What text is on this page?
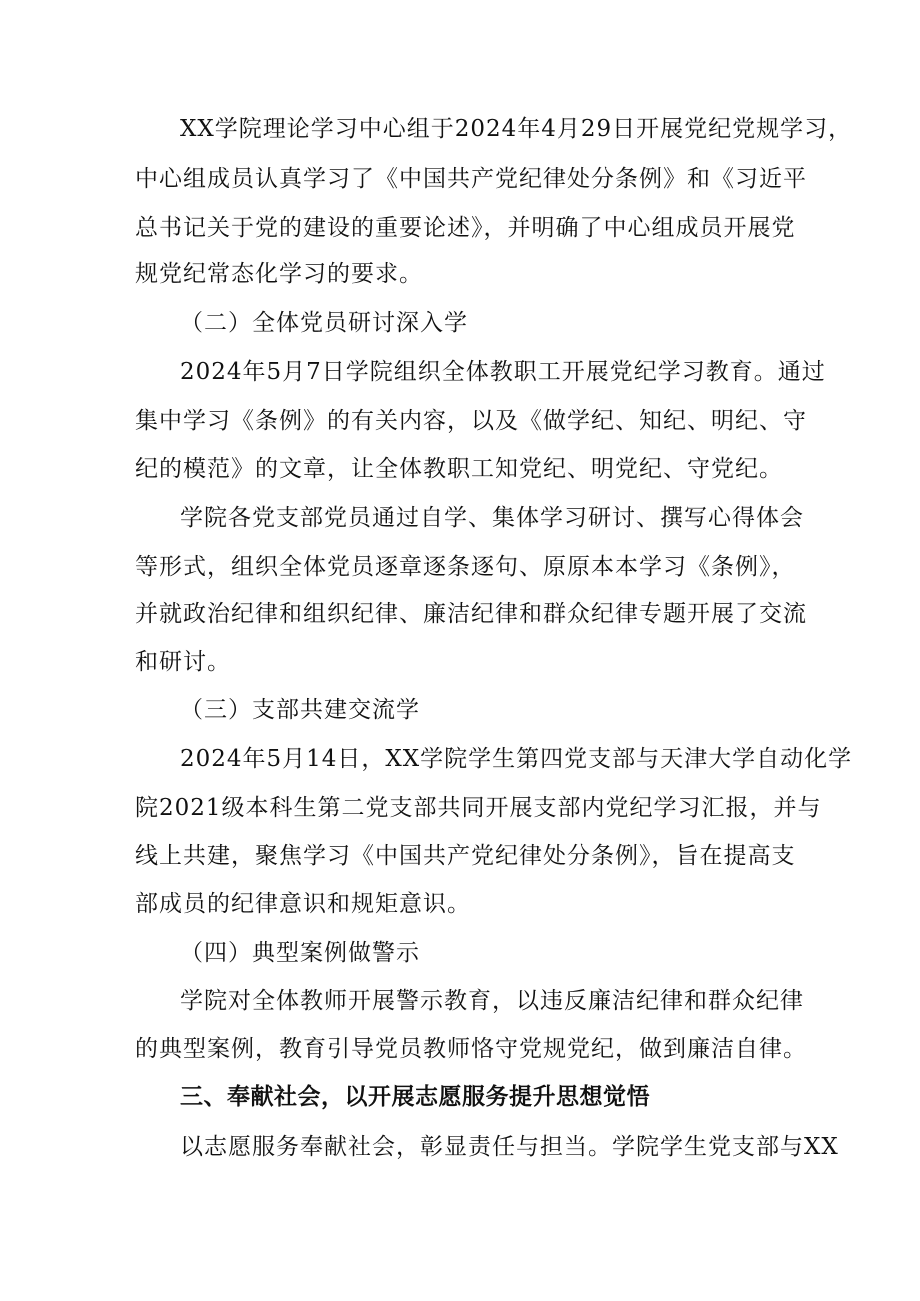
XX学院理论学习中心组于2024年4月29日开展党纪党规学习，
中心组成员认真学习了《中国共产党纪律处分条例》和《习近平
总书记关于党的建设的重要论述》，并明确了中心组成员开展党
规党纪常态化学习的要求。
（二）全体党员研讨深入学
2024年5月7日学院组织全体教职工开展党纪学习教育。通过
集中学习《条例》的有关内容，以及《做学纪、知纪、明纪、守
纪的模范》的文章，让全体教职工知党纪、明党纪、守党纪。
学院各党支部党员通过自学、集体学习研讨、撰写心得体会
等形式，组织全体党员逐章逐条逐句、原原本本学习《条例》，
并就政治纪律和组织纪律、廉洁纪律和群众纪律专题开展了交流
和研讨。
（三）支部共建交流学
2024年5月14日，XX学院学生第四党支部与天津大学自动化学
院2021级本科生第二党支部共同开展支部内党纪学习汇报，并与
线上共建，聚焦学习《中国共产党纪律处分条例》，旨在提高支
部成员的纪律意识和规矩意识。
（四）典型案例做警示
学院对全体教师开展警示教育，以违反廉洁纪律和群众纪律
的典型案例，教育引导党员教师恪守党规党纪，做到廉洁自律。
三、奉献社会，以开展志愿服务提升思想觉悟
以志愿服务奉献社会，彰显责任与担当。学院学生党支部与XX
